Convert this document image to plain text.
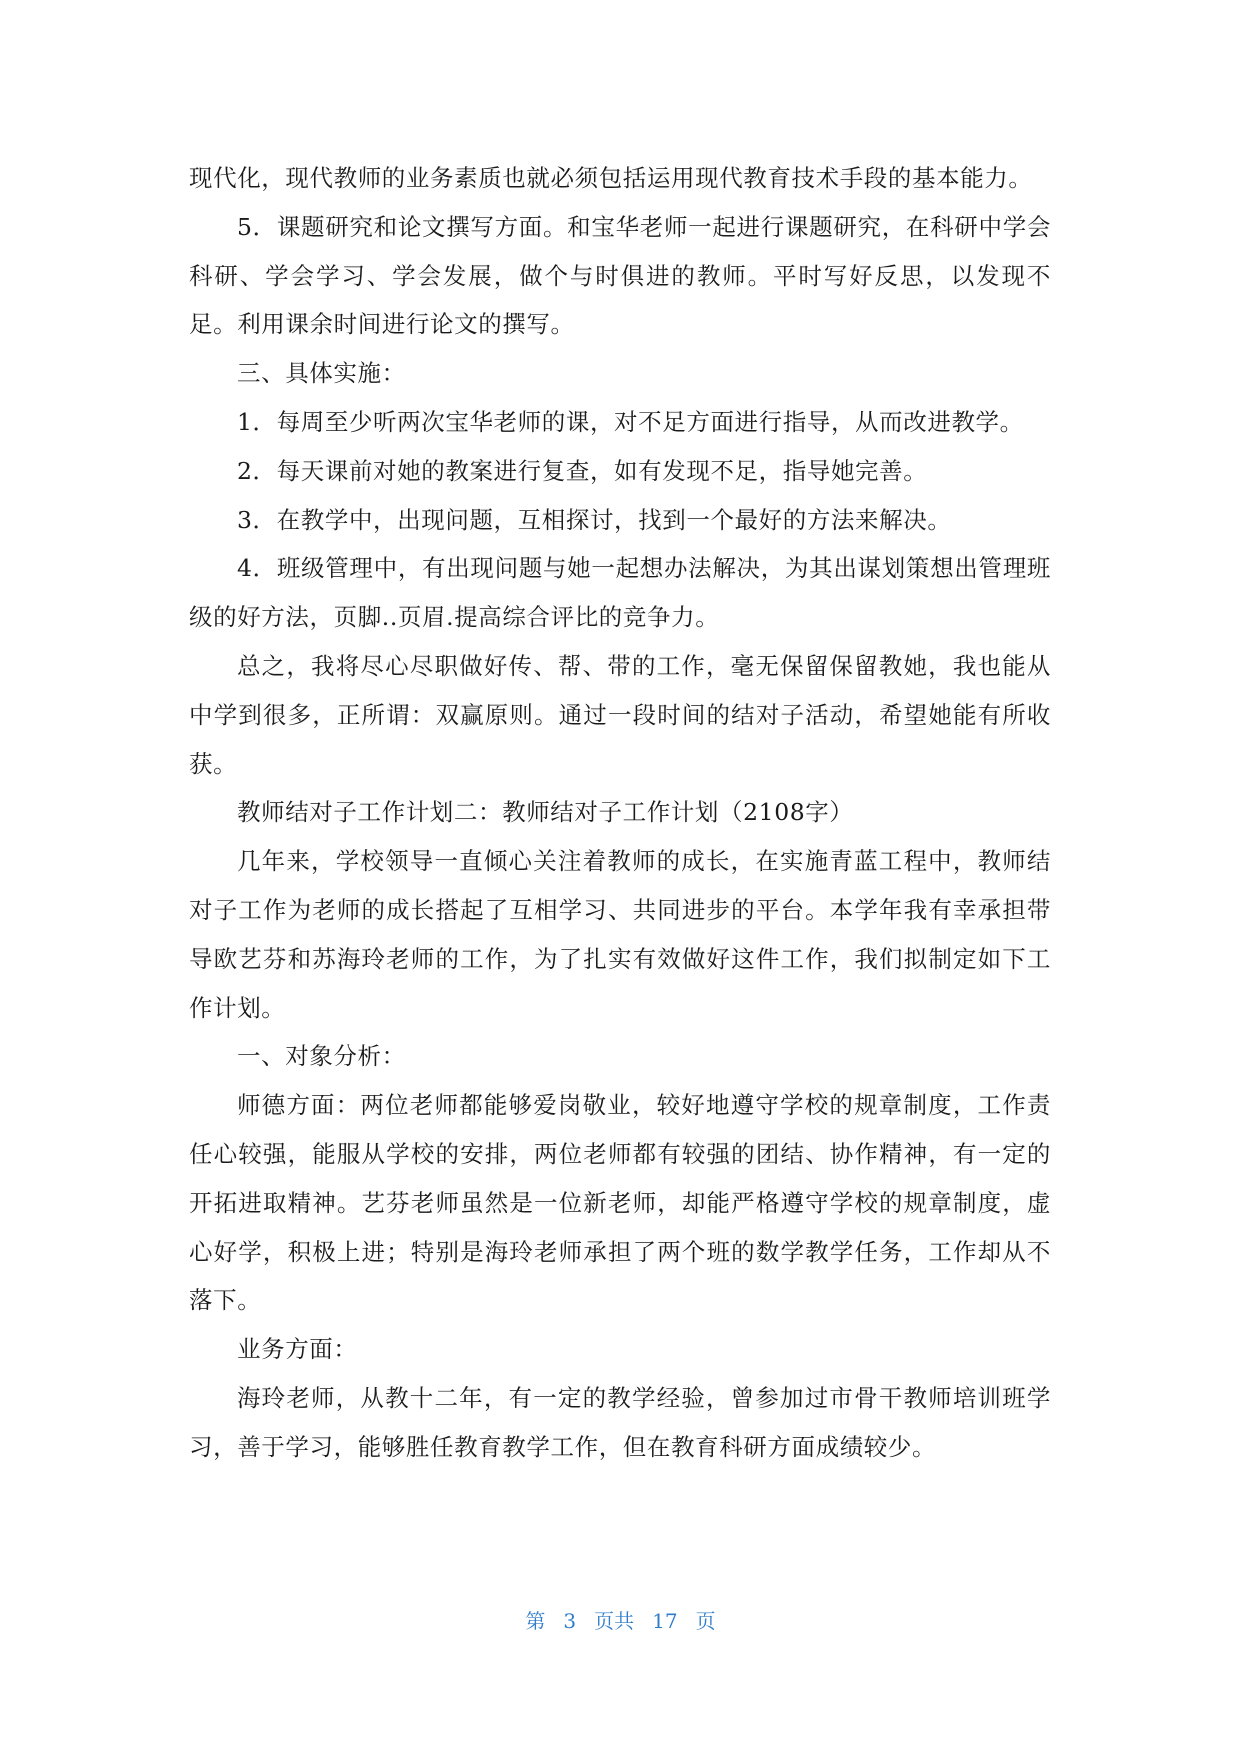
现代化，现代教师的业务素质也就必须包括运用现代教育技术手段的基本能力。

5．课题研究和论文撰写方面。和宝华老师一起进行课题研究，在科研中学会科研、学会学习、学会发展，做个与时俱进的教师。平时写好反思，以发现不足。利用课余时间进行论文的撰写。

三、具体实施：

1．每周至少听两次宝华老师的课，对不足方面进行指导，从而改进教学。

2．每天课前对她的教案进行复查，如有发现不足，指导她完善。

3．在教学中，出现问题，互相探讨，找到一个最好的方法来解决。

4．班级管理中，有出现问题与她一起想办法解决，为其出谋划策想出管理班级的好方法，页脚..页眉.提高综合评比的竞争力。

总之，我将尽心尽职做好传、帮、带的工作，毫无保留保留教她，我也能从中学到很多，正所谓：双赢原则。通过一段时间的结对子活动，希望她能有所收获。

教师结对子工作计划二：教师结对子工作计划（2108字）

几年来，学校领导一直倾心关注着教师的成长，在实施青蓝工程中，教师结对子工作为老师的成长搭起了互相学习、共同进步的平台。本学年我有幸承担带导欧艺芬和苏海玲老师的工作，为了扎实有效做好这件工作，我们拟制定如下工作计划。

一、对象分析：

师德方面：两位老师都能够爱岗敬业，较好地遵守学校的规章制度，工作责任心较强，能服从学校的安排，两位老师都有较强的团结、协作精神，有一定的开拓进取精神。艺芬老师虽然是一位新老师，却能严格遵守学校的规章制度，虚心好学，积极上进；特别是海玲老师承担了两个班的数学教学任务，工作却从不落下。

业务方面：

海玲老师，从教十二年，有一定的教学经验，曾参加过市骨干教师培训班学习，善于学习，能够胜任教育教学工作，但在教育科研方面成绩较少。

第 3 页共 17 页
